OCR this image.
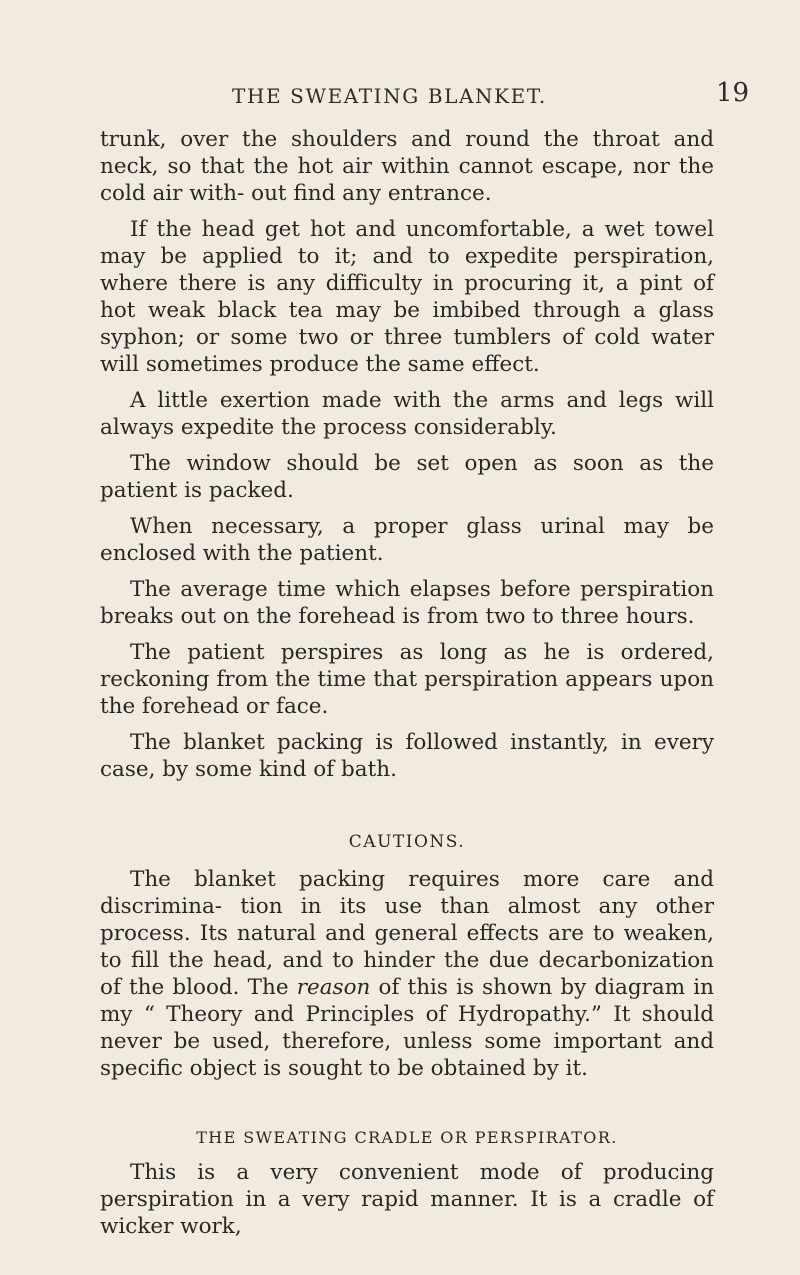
THE SWEATING BLANKET.	19

trunk, over the shoulders and round the throat and neck, so that the hot air within cannot escape, nor the cold air with- out find any entrance.

If the head get hot and uncomfortable, a wet towel may be applied to it; and to expedite perspiration, where there is any difficulty in procuring it, a pint of hot weak black tea may be imbibed through a glass syphon; or some two or three tumblers of cold water will sometimes produce the same effect.

A little exertion made with the arms and legs will always expedite the process considerably.

The window should be set open as soon as the patient is packed.

When necessary, a proper glass urinal may be enclosed with the patient.

The average time which elapses before perspiration breaks out on the forehead is from two to three hours.

The patient perspires as long as he is ordered, reckoning from the time that perspiration appears upon the forehead or face.

The blanket packing is followed instantly, in every case, by some kind of bath.

CAUTIONS.

The blanket packing requires more care and discrimina- tion in its use than almost any other process. Its natural and general effects are to weaken, to fill the head, and to hinder the due decarbonization of the blood. The reason of this is shown by diagram in my “ Theory and Principles of Hydropathy.” It should never be used, therefore, unless some important and specific object is sought to be obtained by it.

THE SWEATING CRADLE OR PERSPIRATOR.

This is a very convenient mode of producing perspiration in a very rapid manner. It is a cradle of wicker work,
